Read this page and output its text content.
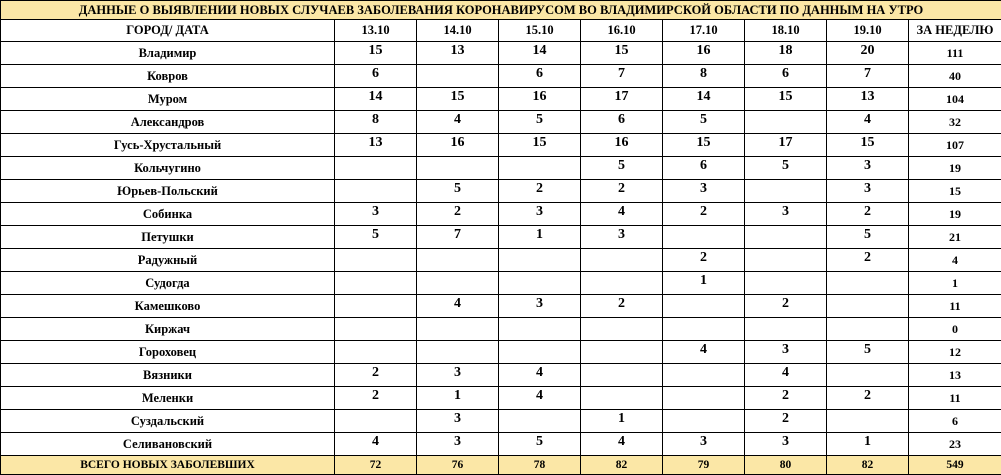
ДАННЫЕ О ВЫЯВЛЕНИИ НОВЫХ СЛУЧАЕВ ЗАБОЛЕВАНИЯ КОРОНАВИРУСОМ ВО ВЛАДИМИРСКОЙ ОБЛАСТИ ПО ДАННЫМ НА УТРО								
ГОРОД/ ДАТА	13.10	14.10	15.10	16.10	17.10	18.10	19.10	ЗА НЕДЕЛЮ
Владимир	15	13	14	15	16	18	20	111
Ковров	6		6	7	8	6	7	40
Муром	14	15	16	17	14	15	13	104
Александров	8	4	5	6	5		4	32
Гусь-Хрустальный	13	16	15	16	15	17	15	107
Кольчугино				5	6	5	3	19
Юрьев-Польский		5	2	2	3		3	15
Собинка	3	2	3	4	2	3	2	19
Петушки	5	7	1	3			5	21
Радужный					2		2	4
Судогда					1			1
Камешково		4	3	2		2		11
Киржач								0
Гороховец					4	3	5	12
Вязники	2	3	4			4		13
Меленки	2	1	4			2	2	11
Суздальский		3		1		2		6
Селивановский	4	3	5	4	3	3	1	23
ВСЕГО НОВЫХ ЗАБОЛЕВШИХ	72	76	78	82	79	80	82	549
